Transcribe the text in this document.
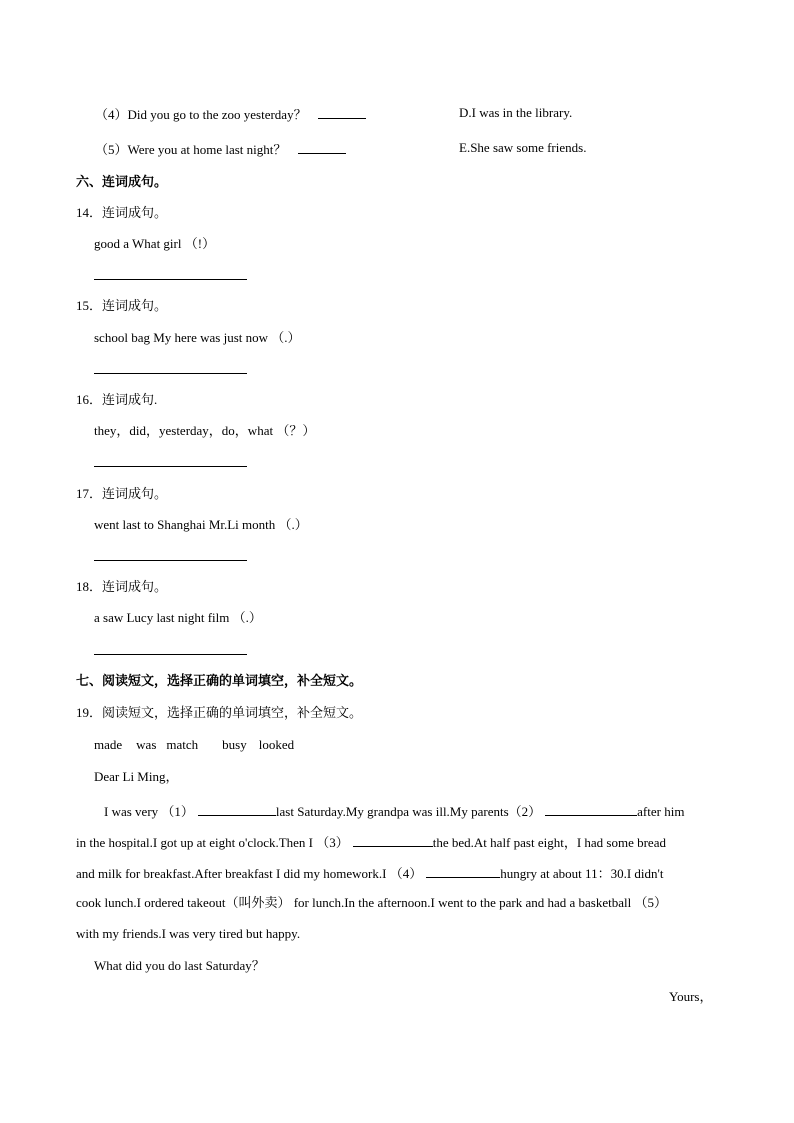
（4）Did you go to the zoo yesterday？	D.I was in the library.
（5）Were you at home last night？	E.She saw some friends.
六、连词成句。
14．连词成句。
good a What girl （!）
15．连词成句。
school bag My here was just now （.）
16．连词成句.
they，did，yesterday，do，what （？）
17．连词成句。
went last to Shanghai Mr.Li month （.）
18．连词成句。
a saw Lucy last night film （.）
七、阅读短文，选择正确的单词填空，补全短文。
19．阅读短文，选择正确的单词填空，补全短文。
made was match busy looked
Dear Li Ming，
I was very （1）	last Saturday.My grandpa was ill.My parents（2）	after him
in the hospital.I got up at eight o'clock.Then I （3）	the bed.At half past eight，I had some bread
and milk for breakfast.After breakfast I did my homework.I （4）	hungry at about 11：30.I didn't
cook lunch.I ordered takeout（叫外卖） for lunch.In the afternoon.I went to the park and had a basketball （5）
with my friends.I was very tired but happy.
What did you do last Saturday？
Yours，
